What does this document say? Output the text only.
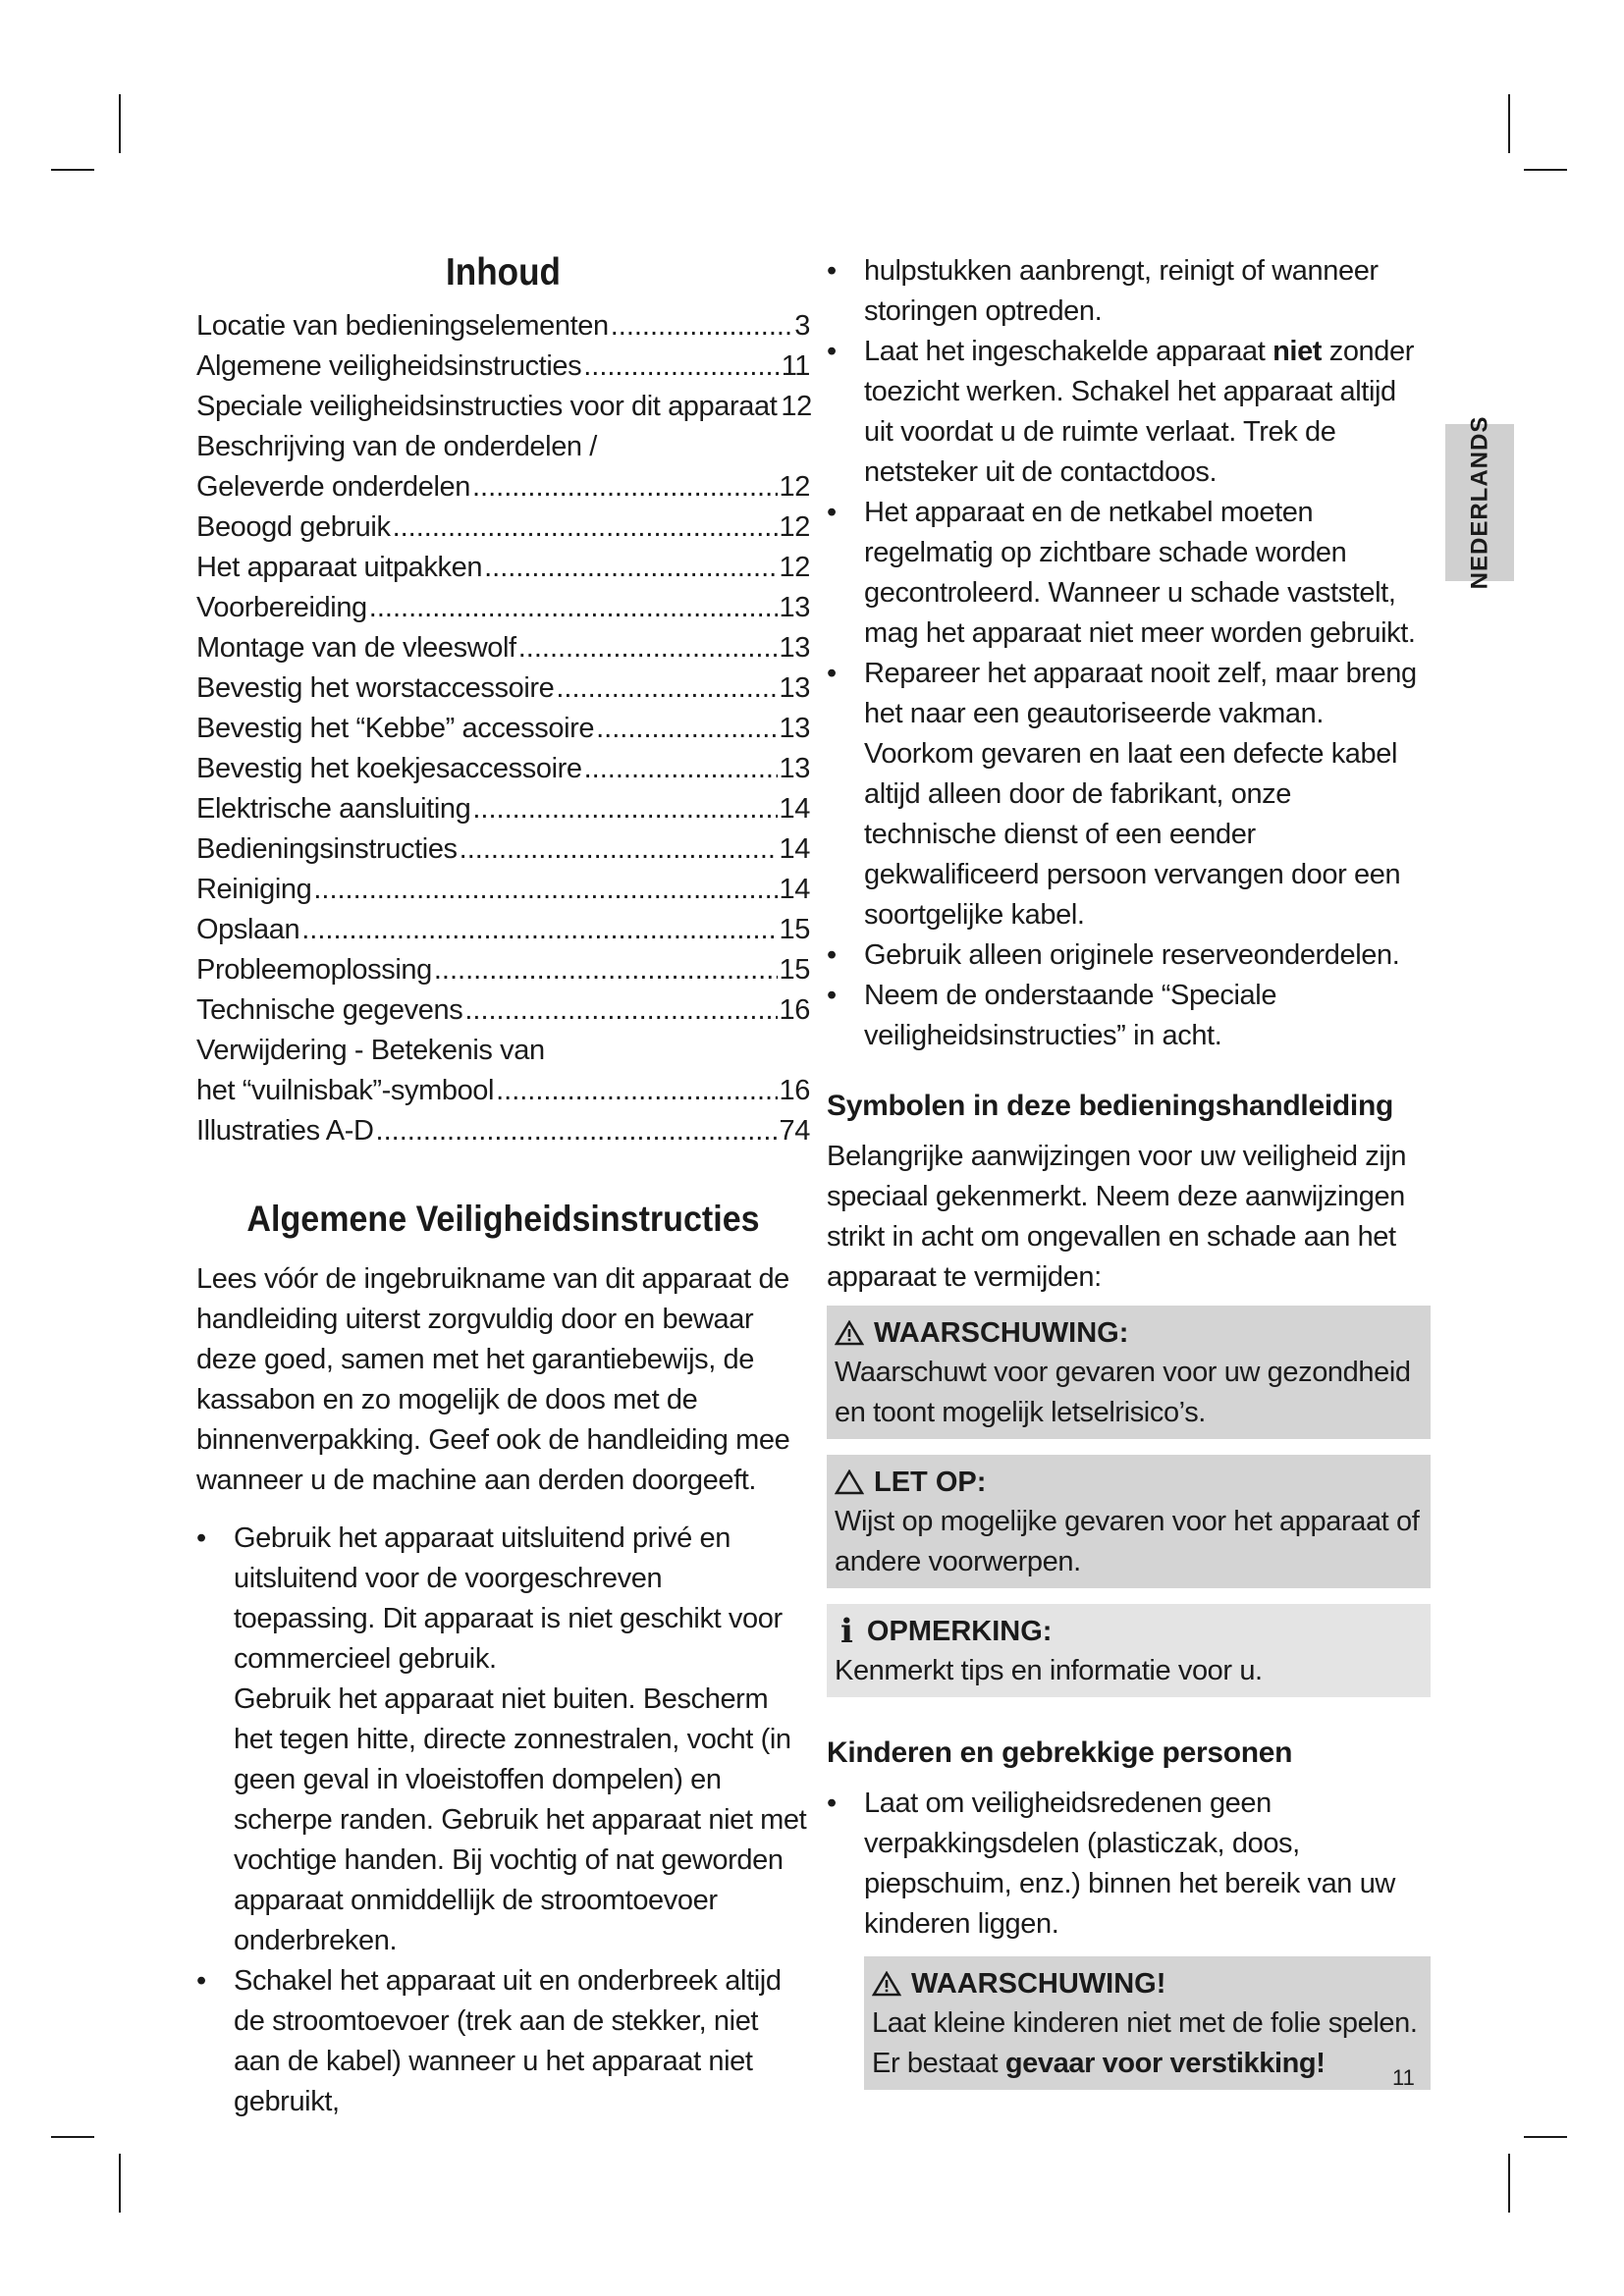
Inhoud
Locatie van bedieningselementen .....	3
Algemene veiligheidsinstructies .....	11
Speciale veiligheidsinstructies voor dit apparaat 12
Beschrijving van de onderdelen /
Geleverde onderdelen .....	12
Beoogd gebruik .....	12
Het apparaat uitpakken .....	12
Voorbereiding .....	13
Montage van de vleeswolf .....	13
Bevestig het worstaccessoire .....	13
Bevestig het “Kebbe” accessoire .....	13
Bevestig het koekjesaccessoire .....	13
Elektrische aansluiting .....	14
Bedieningsinstructies .....	14
Reiniging .....	14
Opslaan .....	15
Probleemoplossing .....	15
Technische gegevens .....	16
Verwijdering - Betekenis van
het “vuilnisbak”-symbool .....	16
Illustraties A-D .....	74
Algemene Veiligheidsinstructies

Lees vóór de ingebruikname van dit apparaat de handleiding uiterst zorgvuldig door en bewaar deze goed, samen met het garantiebewijs, de kassabon en zo mogelijk de doos met de binnenverpakking. Geef ook de handleiding mee wanneer u de machine aan derden doorgeeft.

• Gebruik het apparaat uitsluitend privé en uitsluitend voor de voorgeschreven toepassing. Dit apparaat is niet geschikt voor commercieel gebruik.
Gebruik het apparaat niet buiten. Bescherm het tegen hitte, directe zonnestralen, vocht (in geen geval in vloeistoffen dompelen) en scherpe randen. Gebruik het apparaat niet met vochtige handen. Bij vochtig of nat geworden apparaat onmiddellijk de stroomtoevoer onderbreken.
• Schakel het apparaat uit en onderbreek altijd de stroomtoevoer (trek aan de stekker, niet aan de kabel) wanneer u het apparaat niet gebruikt,
• hulpstukken aanbrengt, reinigt of wanneer storingen optreden.
• Laat het ingeschakelde apparaat niet zonder toezicht werken. Schakel het apparaat altijd uit voordat u de ruimte verlaat. Trek de netsteker uit de contactdoos.
• Het apparaat en de netkabel moeten regelmatig op zichtbare schade worden gecontroleerd. Wanneer u schade vaststelt, mag het apparaat niet meer worden gebruikt.
• Repareer het apparaat nooit zelf, maar breng het naar een geautoriseerde vakman. Voorkom gevaren en laat een defecte kabel altijd alleen door de fabrikant, onze technische dienst of een eender gekwalificeerd persoon vervangen door een soortgelijke kabel.
• Gebruik alleen originele reserveonderdelen.
• Neem de onderstaande “Speciale veiligheidsinstructies” in acht.
Symbolen in deze bedieningshandleiding

Belangrijke aanwijzingen voor uw veiligheid zijn speciaal gekenmerkt. Neem deze aanwijzingen strikt in acht om ongevallen en schade aan het apparaat te vermijden:

WAARSCHUWING:
Waarschuwt voor gevaren voor uw gezondheid en toont mogelijk letselrisico’s.
LET OP:
Wijst op mogelijke gevaren voor het apparaat of andere voorwerpen.
i OPMERKING:
Kenmerkt tips en informatie voor u.
Kinderen en gebrekkige personen
• Laat om veiligheidsredenen geen verpakkingsdelen (plasticzak, doos, piepschuim, enz.) binnen het bereik van uw kinderen liggen.
WAARSCHUWING!
Laat kleine kinderen niet met de folie spelen.
Er bestaat gevaar voor verstikking!
NEDERLANDS
11
